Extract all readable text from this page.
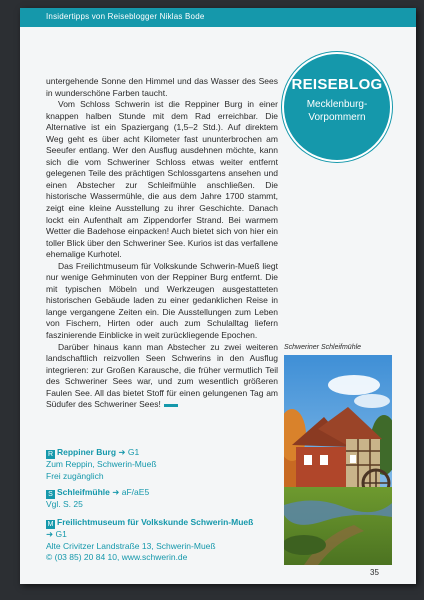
Insidertipps von Reiseblogger Niklas Bode
REISEBLOG
Mecklenburg-
Vorpommern

untergehende Sonne den Himmel und das Wasser des Sees in wunderschöne Farben taucht.

Vom Schloss Schwerin ist die Reppiner Burg in einer knappen halben Stunde mit dem Rad erreichbar. Die Alternative ist ein Spaziergang (1,5–2 Std.). Auf direktem Weg geht es über acht Kilometer fast ununterbrochen am Seeufer entlang. Wer den Ausflug ausdehnen möchte, kann sich die vom Schweriner Schloss etwas weiter entfernt gelegenen Teile des prächtigen Schlossgartens ansehen und einen Abstecher zur Schleifmühle anschließen. Die historische Wassermühle, die aus dem Jahre 1700 stammt, zeigt eine kleine Ausstellung zu ihrer Geschichte. Danach lockt ein Aufenthalt am Zippendorfer Strand. Bei warmem Wetter die Badehose einpacken! Auch bietet sich von hier ein toller Blick über den Schweriner See. Kurios ist das verfallene ehemalige Kurhotel.

Das Freilichtmuseum für Volkskunde Schwerin-Mueß liegt nur wenige Gehminuten von der Reppiner Burg entfernt. Die mit typischen Möbeln und Werkzeugen ausgestatteten historischen Gebäude laden zu einer gedanklichen Reise in lange vergangene Zeiten ein. Die Ausstellungen zum Leben von Fischern, Hirten oder auch zum Schulalltag liefern faszinierende Einblicke in weit zurückliegende Epochen.

Darüber hinaus kann man Abstecher zu zwei weiteren landschaftlich reizvollen Seen Schwerins in den Ausflug integrieren: zur Großen Karausche, die früher vermutlich Teil des Schweriner Sees war, und zum wesentlich größeren Faulen See. All das bietet Stoff für einen gelungenen Tag am Südufer des Schweriner Sees!

R Reppiner Burg ➜ G1
Zum Reppin, Schwerin-Mueß
Frei zugänglich
S Schleifmühle ➜ aF/aE5
Vgl. S. 25
M Freilichtmuseum für Volkskunde Schwerin-Mueß
➜ G1
Alte Crivitzer Landstraße 13, Schwerin-Mueß
© (03 85) 20 84 10, www.schwerin.de
Schweriner Schleifmühle
35
